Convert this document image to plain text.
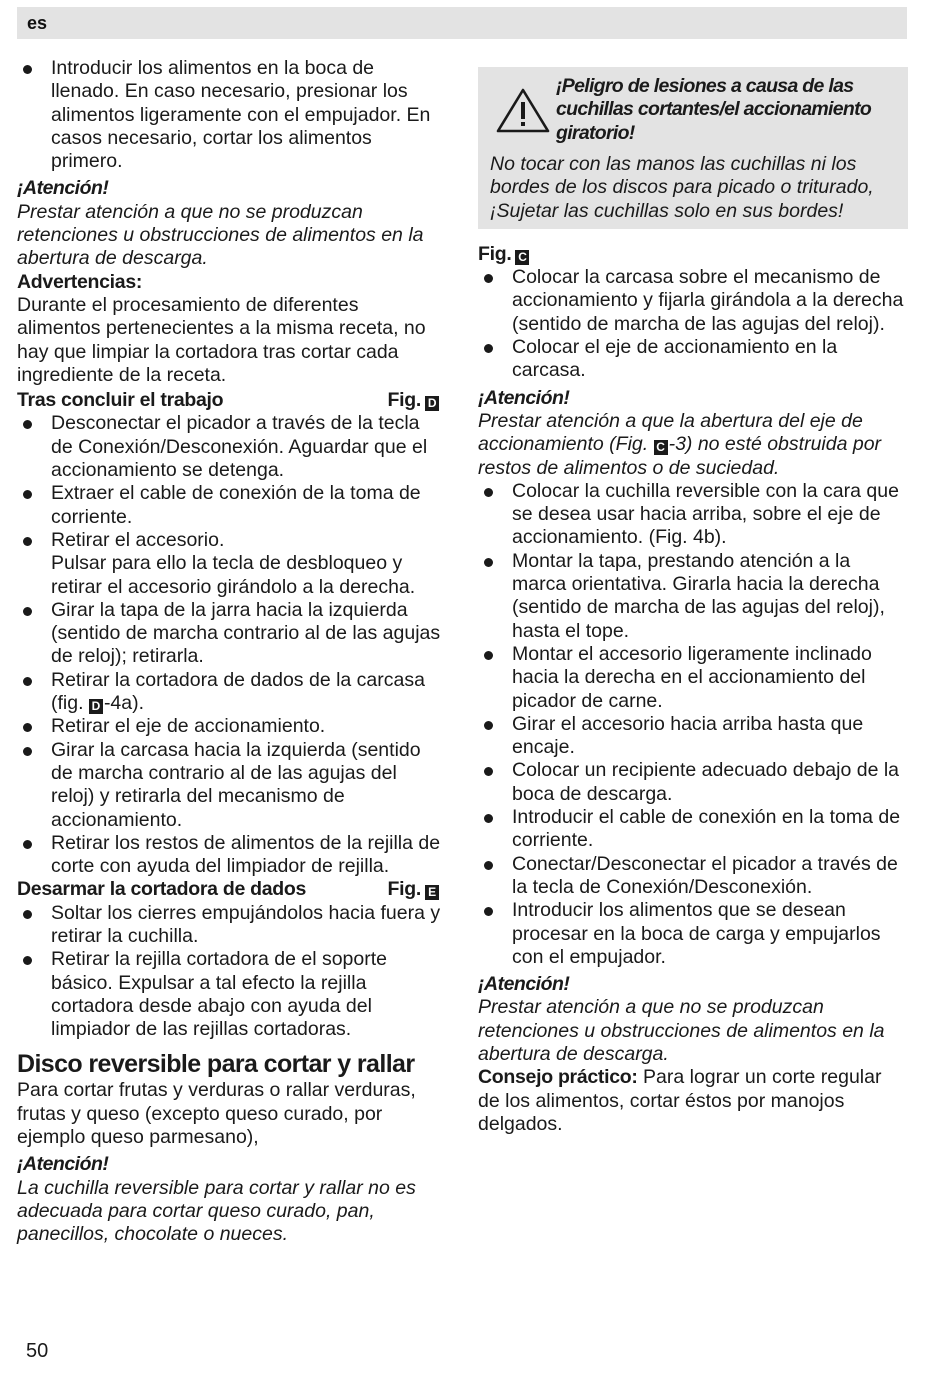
es
Introducir los alimentos en la boca de llenado. En caso necesario, presionar los alimentos ligeramente con el empujador. En casos necesario, cortar los alimentos primero.

¡Atención!

Prestar atención a que no se produzcan retenciones u obstrucciones de alimentos en la abertura de descarga.

Advertencias:

Durante el procesamiento de diferentes alimentos pertenecientes a la misma receta, no hay que limpiar la cortadora tras cortar cada ingrediente de la receta.

Tras concluir el trabajo	Fig. D
Desconectar el picador a través de la tecla de Conexión/Desconexión. Aguardar que el accionamiento se detenga.
Extraer el cable de conexión de la toma de corriente.
Retirar el accesorio.
Pulsar para ello la tecla de desbloqueo y retirar el accesorio girándolo a la derecha.
Girar la tapa de la jarra hacia la izquierda (sentido de marcha contrario al de las agujas de reloj); retirarla.
Retirar la cortadora de dados de la carcasa (fig. D -4a).
Retirar el eje de accionamiento.
Girar la carcasa hacia la izquierda (sentido de marcha contrario al de las agujas del reloj) y retirarla del mecanismo de accionamiento.
Retirar los restos de alimentos de la rejilla de corte con ayuda del limpiador de rejilla.
Desarmar la cortadora de dados	Fig. E
Soltar los cierres empujándolos hacia fuera y retirar la cuchilla.
Retirar la rejilla cortadora de el soporte básico. Expulsar a tal efecto la rejilla cortadora desde abajo con ayuda del limpiador de las rejillas cortadoras.

Disco reversible para cortar y rallar

Para cortar frutas y verduras o rallar verduras, frutas y queso (excepto queso curado, por ejemplo queso parmesano),

¡Atención!

La cuchilla reversible para cortar y rallar no es adecuada para cortar queso curado, pan, panecillos, chocolate o nueces.

¡Peligro de lesiones a causa de las cuchillas cortantes/el accionamiento giratorio!

No tocar con las manos las cuchillas ni los bordes de los discos para picado o triturado, ¡Sujetar las cuchillas solo en sus bordes!

Fig. C

Colocar la carcasa sobre el mecanismo de accionamiento y fijarla girándola a la derecha (sentido de marcha de las agujas del reloj).
Colocar el eje de accionamiento en la carcasa.

¡Atención!

Prestar atención a que la abertura del eje de accionamiento (Fig. C -3) no esté obstruida por restos de alimentos o de suciedad.

Colocar la cuchilla reversible con la cara que se desea usar hacia arriba, sobre el eje de accionamiento. (Fig. 4b).
Montar la tapa, prestando atención a la marca orientativa. Girarla hacia la derecha (sentido de marcha de las agujas del reloj), hasta el tope.
Montar el accesorio ligeramente inclinado hacia la derecha en el accionamiento del picador de carne.
Girar el accesorio hacia arriba hasta que encaje.
Colocar un recipiente adecuado debajo de la boca de descarga.
Introducir el cable de conexión en la toma de corriente.
Conectar/Desconectar el picador a través de la tecla de Conexión/Desconexión.
Introducir los alimentos que se desean procesar en la boca de carga y empujarlos con el empujador.

¡Atención!

Prestar atención a que no se produzcan retenciones u obstrucciones de alimentos en la abertura de descarga.

Consejo práctico: Para lograr un corte regular de los alimentos, cortar éstos por manojos delgados.

50
